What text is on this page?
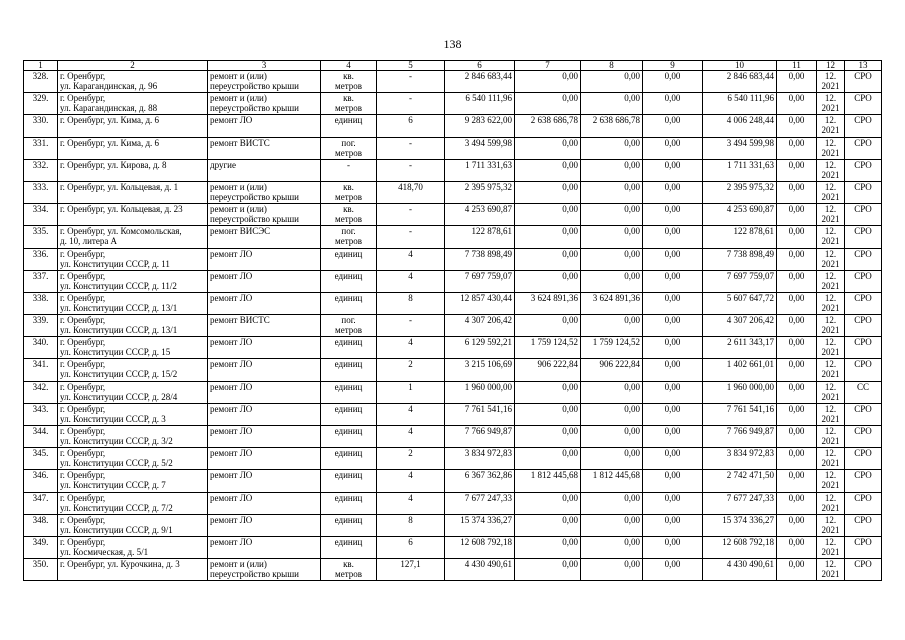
138
1	2	3	4	5	6	7	8	9	10	11	12	13
328.	г. Оренбург,
ул. Карагандинская, д. 96	ремонт и (или)
переустройство крыши	кв.
метров	-	2 846 683,44	0,00	0,00	0,00	2 846 683,44	0,00	12.
2021	СРО
329.	г. Оренбург,
ул. Карагандинская, д. 88	ремонт и (или)
переустройство крыши	кв.
метров	-	6 540 111,96	0,00	0,00	0,00	6 540 111,96	0,00	12.
2021	СРО
330.	г. Оренбург, ул. Кима, д. 6	ремонт ЛО	единиц	6	9 283 622,00	2 638 686,78	2 638 686,78	0,00	4 006 248,44	0,00	12.
2021	СРО
331.	г. Оренбург, ул. Кима, д. 6	ремонт ВИСТС	пог.
метров	-	3 494 599,98	0,00	0,00	0,00	3 494 599,98	0,00	12.
2021	СРО
332.	г. Оренбург, ул. Кирова, д. 8	другие	-	-	1 711 331,63	0,00	0,00	0,00	1 711 331,63	0,00	12.
2021	СРО
333.	г. Оренбург, ул. Кольцевая, д. 1	ремонт и (или)
переустройство крыши	кв.
метров	418,70	2 395 975,32	0,00	0,00	0,00	2 395 975,32	0,00	12.
2021	СРО
334.	г. Оренбург, ул. Кольцевая, д. 23	ремонт и (или)
переустройство крыши	кв.
метров	-	4 253 690,87	0,00	0,00	0,00	4 253 690,87	0,00	12.
2021	СРО
335.	г. Оренбург, ул. Комсомольская,
д. 10, литера А	ремонт ВИСЭС	пог.
метров	-	122 878,61	0,00	0,00	0,00	122 878,61	0,00	12.
2021	СРО
336.	г. Оренбург,
ул. Конституции СССР, д. 11	ремонт ЛО	единиц	4	7 738 898,49	0,00	0,00	0,00	7 738 898,49	0,00	12.
2021	СРО
337.	г. Оренбург,
ул. Конституции СССР, д. 11/2	ремонт ЛО	единиц	4	7 697 759,07	0,00	0,00	0,00	7 697 759,07	0,00	12.
2021	СРО
338.	г. Оренбург,
ул. Конституции СССР, д. 13/1	ремонт ЛО	единиц	8	12 857 430,44	3 624 891,36	3 624 891,36	0,00	5 607 647,72	0,00	12.
2021	СРО
339.	г. Оренбург,
ул. Конституции СССР, д. 13/1	ремонт ВИСТС	пог.
метров	-	4 307 206,42	0,00	0,00	0,00	4 307 206,42	0,00	12.
2021	СРО
340.	г. Оренбург,
ул. Конституции СССР, д. 15	ремонт ЛО	единиц	4	6 129 592,21	1 759 124,52	1 759 124,52	0,00	2 611 343,17	0,00	12.
2021	СРО
341.	г. Оренбург,
ул. Конституции СССР, д. 15/2	ремонт ЛО	единиц	2	3 215 106,69	906 222,84	906 222,84	0,00	1 402 661,01	0,00	12.
2021	СРО
342.	г. Оренбург,
ул. Конституции СССР, д. 28/4	ремонт ЛО	единиц	1	1 960 000,00	0,00	0,00	0,00	1 960 000,00	0,00	12.
2021	СС
343.	г. Оренбург,
ул. Конституции СССР, д. 3	ремонт ЛО	единиц	4	7 761 541,16	0,00	0,00	0,00	7 761 541,16	0,00	12.
2021	СРО
344.	г. Оренбург,
ул. Конституции СССР, д. 3/2	ремонт ЛО	единиц	4	7 766 949,87	0,00	0,00	0,00	7 766 949,87	0,00	12.
2021	СРО
345.	г. Оренбург,
ул. Конституции СССР, д. 5/2	ремонт ЛО	единиц	2	3 834 972,83	0,00	0,00	0,00	3 834 972,83	0,00	12.
2021	СРО
346.	г. Оренбург,
ул. Конституции СССР, д. 7	ремонт ЛО	единиц	4	6 367 362,86	1 812 445,68	1 812 445,68	0,00	2 742 471,50	0,00	12.
2021	СРО
347.	г. Оренбург,
ул. Конституции СССР, д. 7/2	ремонт ЛО	единиц	4	7 677 247,33	0,00	0,00	0,00	7 677 247,33	0,00	12.
2021	СРО
348.	г. Оренбург,
ул. Конституции СССР, д. 9/1	ремонт ЛО	единиц	8	15 374 336,27	0,00	0,00	0,00	15 374 336,27	0,00	12.
2021	СРО
349.	г. Оренбург,
ул. Космическая, д. 5/1	ремонт ЛО	единиц	6	12 608 792,18	0,00	0,00	0,00	12 608 792,18	0,00	12.
2021	СРО
350.	г. Оренбург, ул. Курочкина, д. 3	ремонт и (или)
переустройство крыши	кв.
метров	127,1	4 430 490,61	0,00	0,00	0,00	4 430 490,61	0,00	12.
2021	СРО
